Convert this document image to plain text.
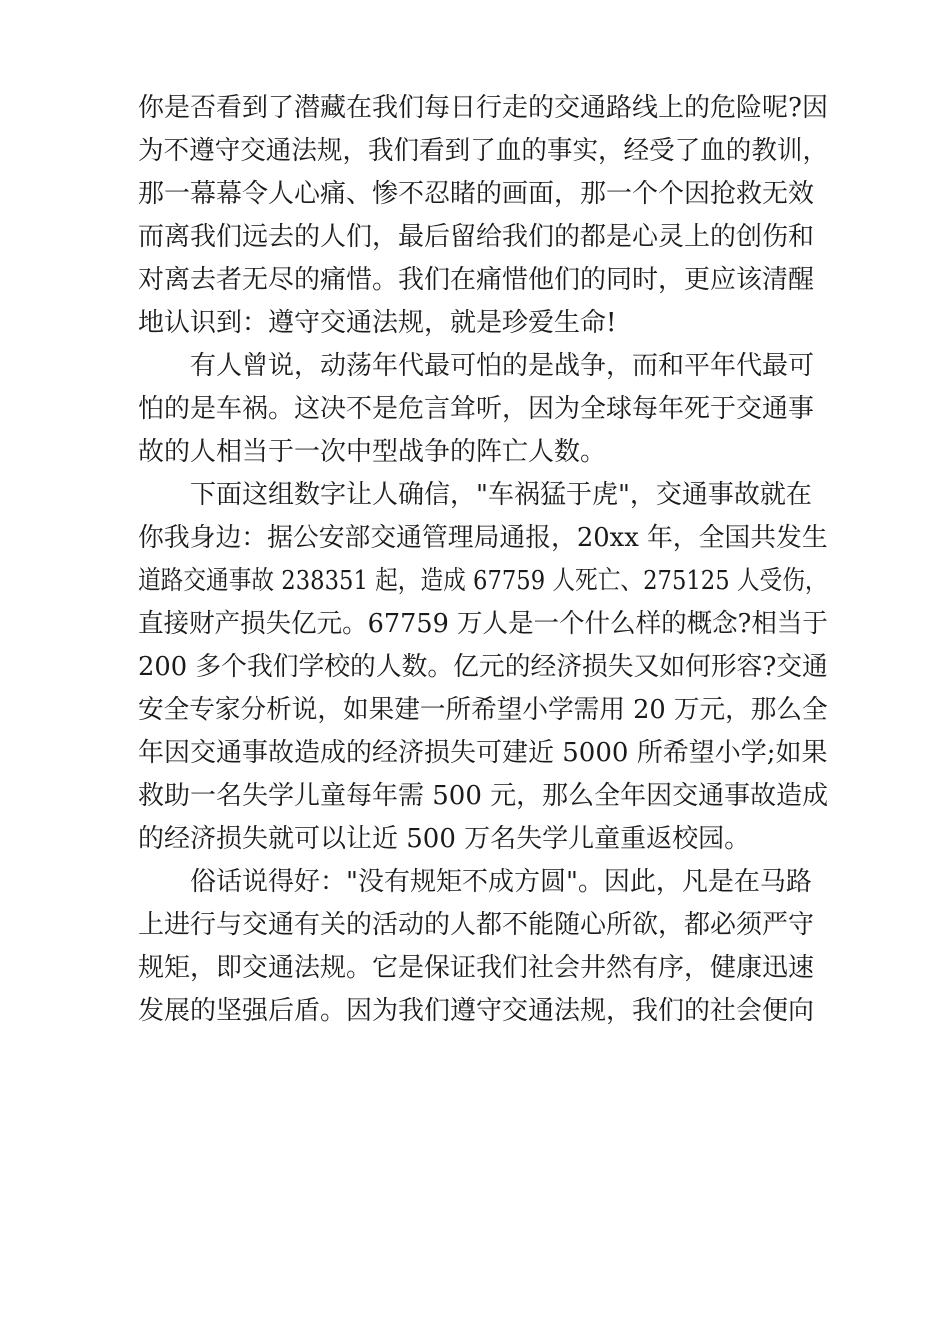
你是否看到了潜藏在我们每日行走的交通路线上的危险呢?因
为不遵守交通法规，我们看到了血的事实，经受了血的教训，
那一幕幕令人心痛、惨不忍睹的画面，那一个个因抢救无效
而离我们远去的人们，最后留给我们的都是心灵上的创伤和
对离去者无尽的痛惜。我们在痛惜他们的同时，更应该清醒
地认识到：遵守交通法规，就是珍爱生命!
有人曾说，动荡年代最可怕的是战争，而和平年代最可
怕的是车祸。这决不是危言耸听，因为全球每年死于交通事
故的人相当于一次中型战争的阵亡人数。
下面这组数字让人确信，"车祸猛于虎"，交通事故就在
你我身边：据公安部交通管理局通报，20xx 年，全国共发生
道路交通事故 238351 起，造成 67759 人死亡、275125 人受伤，
直接财产损失亿元。67759 万人是一个什么样的概念?相当于
200 多个我们学校的人数。亿元的经济损失又如何形容?交通
安全专家分析说，如果建一所希望小学需用 20 万元，那么全
年因交通事故造成的经济损失可建近 5000 所希望小学;如果
救助一名失学儿童每年需 500 元，那么全年因交通事故造成
的经济损失就可以让近 500 万名失学儿童重返校园。
俗话说得好："没有规矩不成方圆"。因此，凡是在马路
上进行与交通有关的活动的人都不能随心所欲，都必须严守
规矩，即交通法规。它是保证我们社会井然有序，健康迅速
发展的坚强后盾。因为我们遵守交通法规，我们的社会便向
